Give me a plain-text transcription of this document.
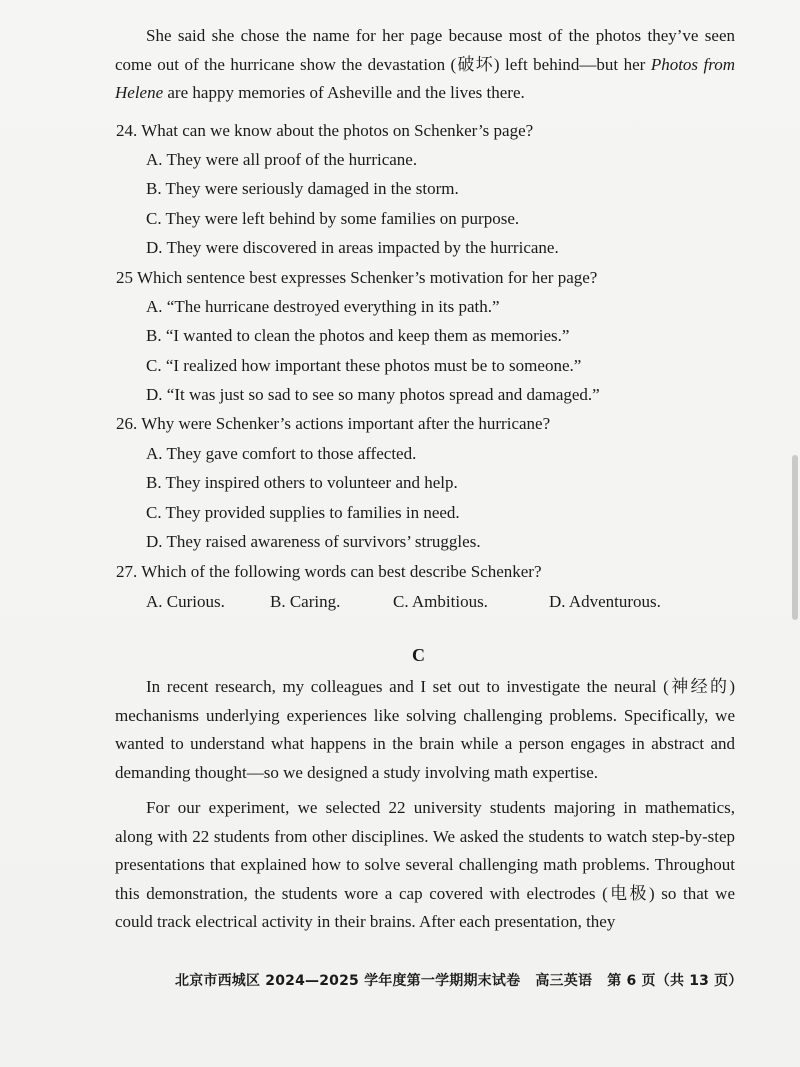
She said she chose the name for her page because most of the photos they’ve seen come out of the hurricane show the devastation (破坏) left behind—but her Photos from Helene are happy memories of Asheville and the lives there.

24. What can we know about the photos on Schenker’s page?

A. They were all proof of the hurricane.

B. They were seriously damaged in the storm.

C. They were left behind by some families on purpose.

D. They were discovered in areas impacted by the hurricane.

25 Which sentence best expresses Schenker’s motivation for her page?

A. “The hurricane destroyed everything in its path.”

B. “I wanted to clean the photos and keep them as memories.”

C. “I realized how important these photos must be to someone.”

D. “It was just so sad to see so many photos spread and damaged.”

26. Why were Schenker’s actions important after the hurricane?

A. They gave comfort to those affected.

B. They inspired others to volunteer and help.

C. They provided supplies to families in need.

D. They raised awareness of survivors’ struggles.

27. Which of the following words can best describe Schenker?

A. Curious.	B. Caring.	C. Ambitious.	D. Adventurous.
C

In recent research, my colleagues and I set out to investigate the neural (神经的) mechanisms underlying experiences like solving challenging problems. Specifically, we wanted to understand what happens in the brain while a person engages in abstract and demanding thought—so we designed a study involving math expertise.

For our experiment, we selected 22 university students majoring in mathematics, along with 22 students from other disciplines. We asked the students to watch step-by-step presentations that explained how to solve several challenging math problems. Throughout this demonstration, the students wore a cap covered with electrodes (电极) so that we could track electrical activity in their brains. After each presentation, they

北京市西城区 2024—2025 学年度第一学期期末试卷 高三英语 第 6 页（共 13 页）
